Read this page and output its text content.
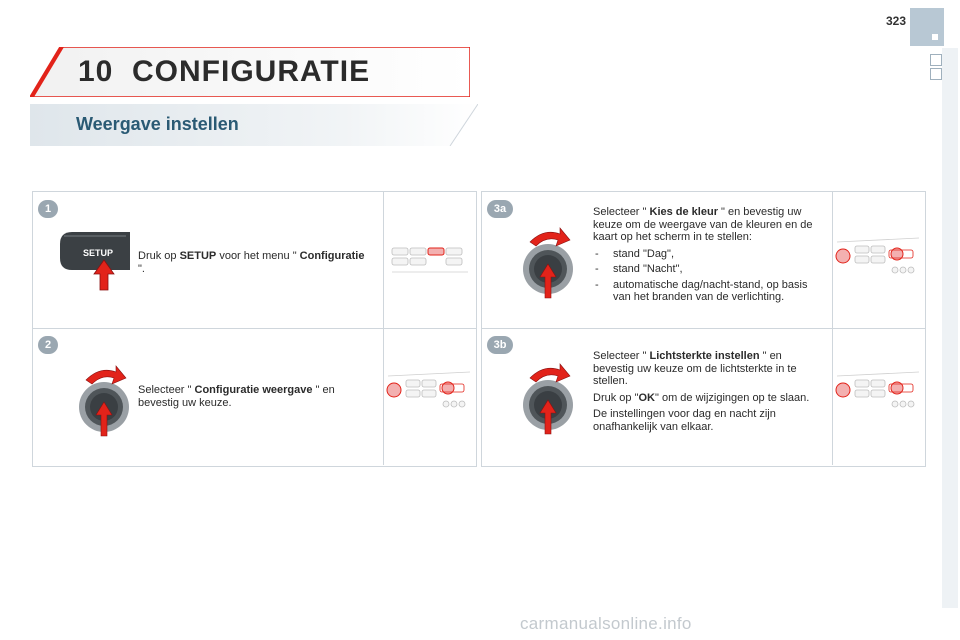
323
10 CONFIGURATIE
Weergave instellen
1
SETUP Druk op SETUP voor het menu " Configuratie ".
2
Selecteer " Configuratie weergave " en bevestig uw keuze.
3a	Selecteer " Kies de kleur " en bevestig uw keuze om de weergave van de kleuren en de kaart op het scherm in te stellen:

- stand "Dag",
- stand "Nacht",
- automatische dag/nacht-stand, op basis van het branden van de verlichting.
3b

Selecteer " Lichtsterkte instellen " en bevestig uw keuze om de lichtsterkte in te stellen.

Druk op "OK" om de wijzigingen op te slaan.

De instellingen voor dag en nacht zijn onafhankelijk van elkaar.

carmanualsonline.info
